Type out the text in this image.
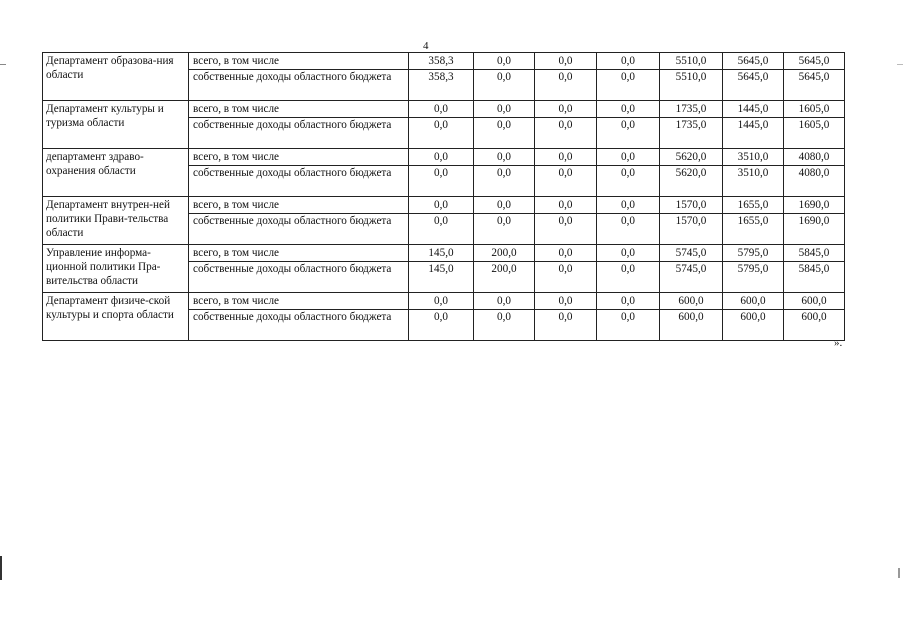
4
Департамент образова-ния области	всего, в том числе	358,3	0,0	0,0	0,0	5510,0	5645,0	5645,0
	собственные доходы областного бюджета	358,3	0,0	0,0	0,0	5510,0	5645,0	5645,0
Департамент культуры и туризма области	всего, в том числе	0,0	0,0	0,0	0,0	1735,0	1445,0	1605,0
	собственные доходы областного бюджета	0,0	0,0	0,0	0,0	1735,0	1445,0	1605,0
департамент здраво-охранения области	всего, в том числе	0,0	0,0	0,0	0,0	5620,0	3510,0	4080,0
	собственные доходы областного бюджета	0,0	0,0	0,0	0,0	5620,0	3510,0	4080,0
Департамент внутрен-ней политики Прави-тельства области	всего, в том числе	0,0	0,0	0,0	0,0	1570,0	1655,0	1690,0
	собственные доходы областного бюджета	0,0	0,0	0,0	0,0	1570,0	1655,0	1690,0
Управление информа-ционной политики Пра-вительства области	всего, в том числе	145,0	200,0	0,0	0,0	5745,0	5795,0	5845,0
	собственные доходы областного бюджета	145,0	200,0	0,0	0,0	5745,0	5795,0	5845,0
Департамент физиче-ской культуры и спорта области	всего, в том числе	0,0	0,0	0,0	0,0	600,0	600,0	600,0
	собственные доходы областного бюджета	0,0	0,0	0,0	0,0	600,0	600,0	600,0
».
